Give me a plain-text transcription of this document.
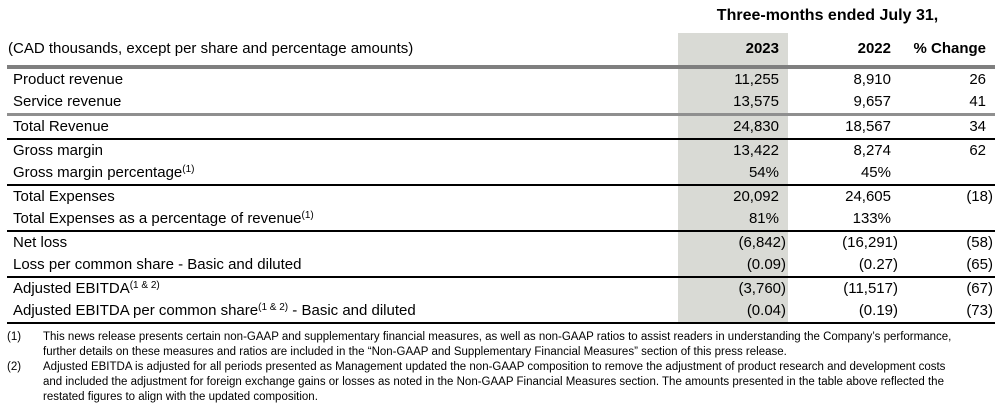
Three-months ended July 31,
(CAD thousands, except per share and percentage amounts)	2023	2022	% Change
Product revenue	11,255	8,910	26
Service revenue	13,575	9,657	41
Total Revenue	24,830	18,567	34
Gross margin	13,422	8,274	62
Gross margin percentage$^{(1)}$	54%	45%
Total Expenses	20,092	24,605	(18)
Total Expenses as a percentage of revenue$^{(1)}$	81%	133%
Net loss	(6,842)	(16,291)	(58)
Loss per common share - Basic and diluted	(0.09)	(0.27)	(65)
Adjusted $EBITDA^{(1 \& 2)}$	(3,760)	(11,517)	(67)
Adjusted EBITDA per common share$^{(1 \& 2)}$ - Basic and diluted	(0.04)	(0.19)	(73)
(1)	This news release presents certain non-GAAP and supplementary financial measures, as well as non-GAAP ratios to assist readers in understanding the Company’s performance, further details on these measures and ratios are included in the “Non-GAAP and Supplementary Financial Measures” section of this press release.
(2)	Adjusted EBITDA is adjusted for all periods presented as Management updated the non-GAAP composition to remove the adjustment of product research and development costs and included the adjustment for foreign exchange gains or losses as noted in the Non-GAAP Financial Measures section. The amounts presented in the table above reflected the restated figures to align with the updated composition.
